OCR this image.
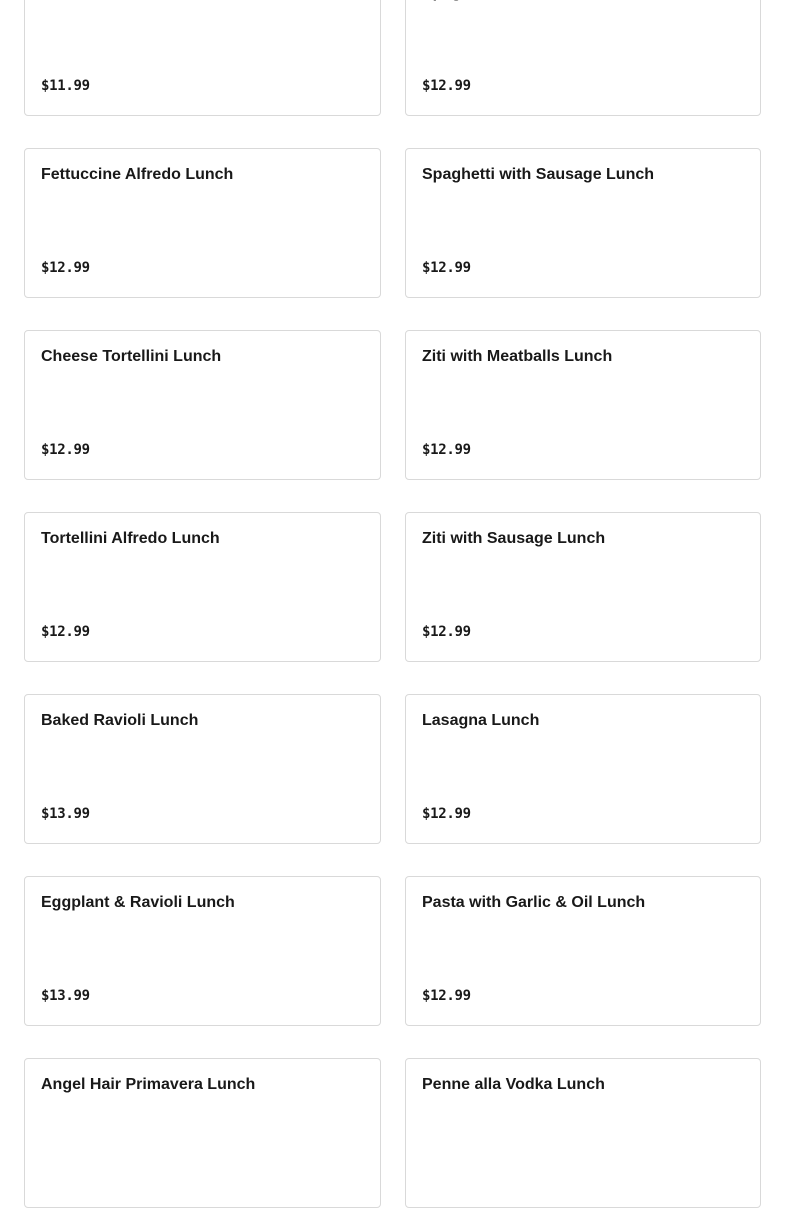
$11.99	$12.99
Fettuccine Alfredo Lunch
$12.99
Spaghetti with Sausage Lunch
$12.99
Cheese Tortellini Lunch
$12.99
Ziti with Meatballs Lunch
$12.99
Tortellini Alfredo Lunch
$12.99
Ziti with Sausage Lunch
$12.99
Baked Ravioli Lunch
$13.99
Lasagna Lunch
$12.99
Eggplant & Ravioli Lunch
$13.99
Pasta with Garlic & Oil Lunch
$12.99
Angel Hair Primavera Lunch	Penne alla Vodka Lunch
